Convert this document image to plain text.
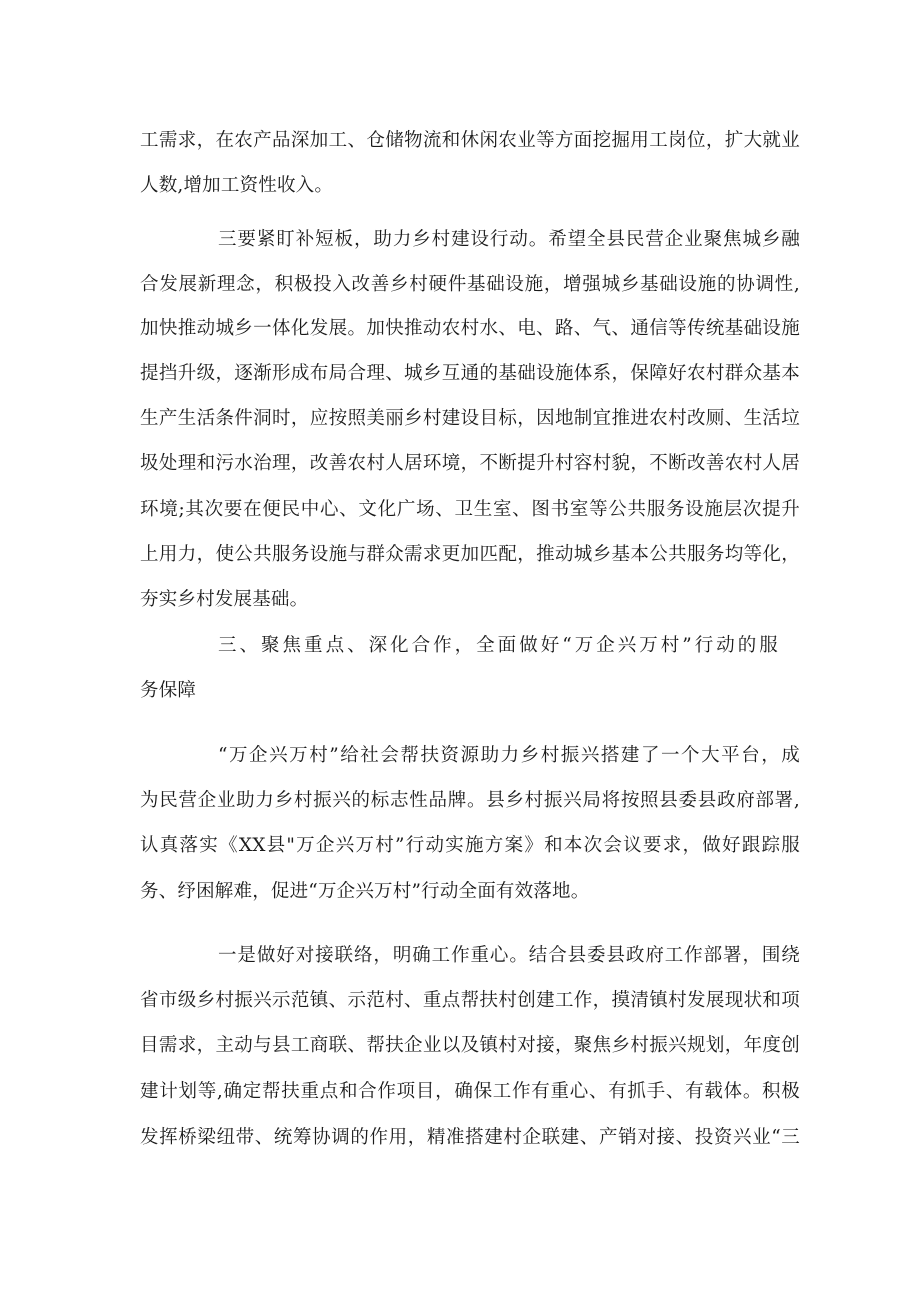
工需求，在农产品深加工、仓储物流和休闲农业等方面挖掘用工岗位，扩大就业
人数,增加工资性收入。
三要紧盯补短板，助力乡村建设行动。希望全县民营企业聚焦城乡融
合发展新理念，积极投入改善乡村硬件基础设施，增强城乡基础设施的协调性,
加快推动城乡一体化发展。加快推动农村水、电、路、气、通信等传统基础设施
提挡升级，逐渐形成布局合理、城乡互通的基础设施体系，保障好农村群众基本
生产生活条件洞时，应按照美丽乡村建设目标，因地制宜推进农村改厕、生活垃
圾处理和污水治理，改善农村人居环境，不断提升村容村貌，不断改善农村人居
环境;其次要在便民中心、文化广场、卫生室、图书室等公共服务设施层次提升
上用力，使公共服务设施与群众需求更加匹配，推动城乡基本公共服务均等化，
夯实乡村发展基础。
三、聚焦重点、深化合作，全面做好“万企兴万村”行动的服
务保障
“万企兴万村”给社会帮扶资源助力乡村振兴搭建了一个大平台，成
为民营企业助力乡村振兴的标志性品牌。县乡村振兴局将按照县委县政府部署,
认真落实《XX县"万企兴万村”行动实施方案》和本次会议要求，做好跟踪服
务、纾困解难，促进“万企兴万村”行动全面有效落地。
一是做好对接联络，明确工作重心。结合县委县政府工作部署，围绕
省市级乡村振兴示范镇、示范村、重点帮扶村创建工作，摸清镇村发展现状和项
目需求，主动与县工商联、帮扶企业以及镇村对接，聚焦乡村振兴规划，年度创
建计划等,确定帮扶重点和合作项目，确保工作有重心、有抓手、有载体。积极
发挥桥梁纽带、统筹协调的作用，精准搭建村企联建、产销对接、投资兴业“三
